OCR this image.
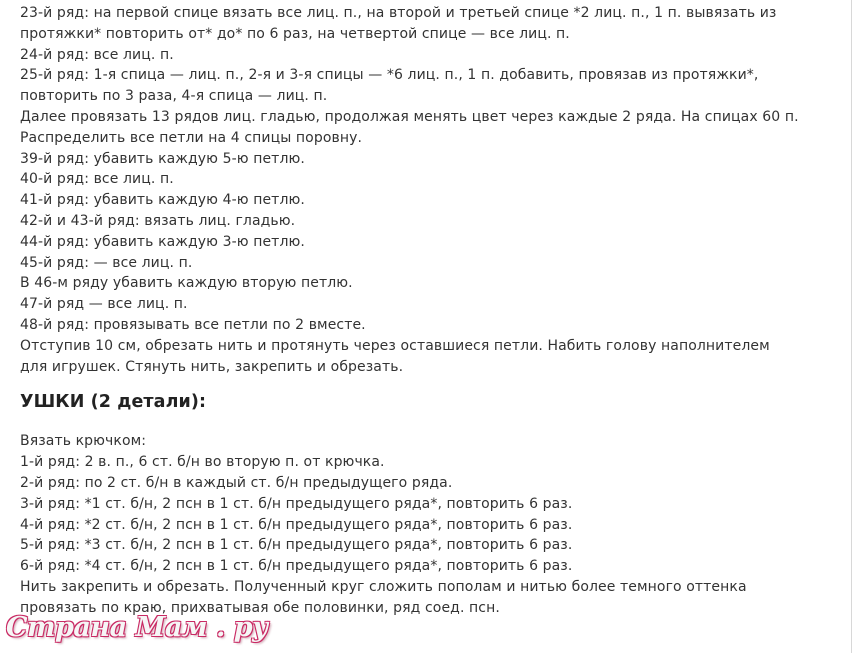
23-й ряд: на первой спице вязать все лиц. п., на второй и третьей спице *2 лиц. п., 1 п. вывязать из

протяжки* повторить от* до* по 6 раз, на четвертой спице — все лиц. п.

24-й ряд: все лиц. п.

25-й ряд: 1-я спица — лиц. п., 2-я и 3-я спицы — *6 лиц. п., 1 п. добавить, провязав из протяжки*,

повторить по 3 раза, 4-я спица — лиц. п.

Далее провязать 13 рядов лиц. гладью, продолжая менять цвет через каждые 2 ряда. На спицах 60 п.

Распределить все петли на 4 спицы поровну.

39-й ряд: убавить каждую 5-ю петлю.

40-й ряд: все лиц. п.

41-й ряд: убавить каждую 4-ю петлю.

42-й и 43-й ряд: вязать лиц. гладью.

44-й ряд: убавить каждую 3-ю петлю.

45-й ряд: — все лиц. п.

В 46-м ряду убавить каждую вторую петлю.

47-й ряд — все лиц. п.

48-й ряд: провязывать все петли по 2 вместе.

Отступив 10 см, обрезать нить и протянуть через оставшиеся петли. Набить голову наполнителем для игрушек. Стянуть нить, закрепить и обрезать.

УШКИ (2 детали):

Вязать крючком:

1-й ряд: 2 в. п., 6 ст. б/н во вторую п. от крючка.

2-й ряд: по 2 ст. б/н в каждый ст. б/н предыдущего ряда.

3-й ряд: *1 ст. б/н, 2 псн в 1 ст. б/н предыдущего ряда*, повторить 6 раз.

4-й ряд: *2 ст. б/н, 2 псн в 1 ст. б/н предыдущего ряда*, повторить 6 раз.

5-й ряд: *3 ст. б/н, 2 псн в 1 ст. б/н предыдущего ряда*, повторить 6 раз.

6-й ряд: *4 ст. б/н, 2 псн в 1 ст. б/н предыдущего ряда*, повторить 6 раз.

Нить закрепить и обрезать. Полученный круг сложить пополам и нитью более темного оттенка провязать по краю, прихватывая обе половинки, ряд соед. псн.

Страна Мам . ру
